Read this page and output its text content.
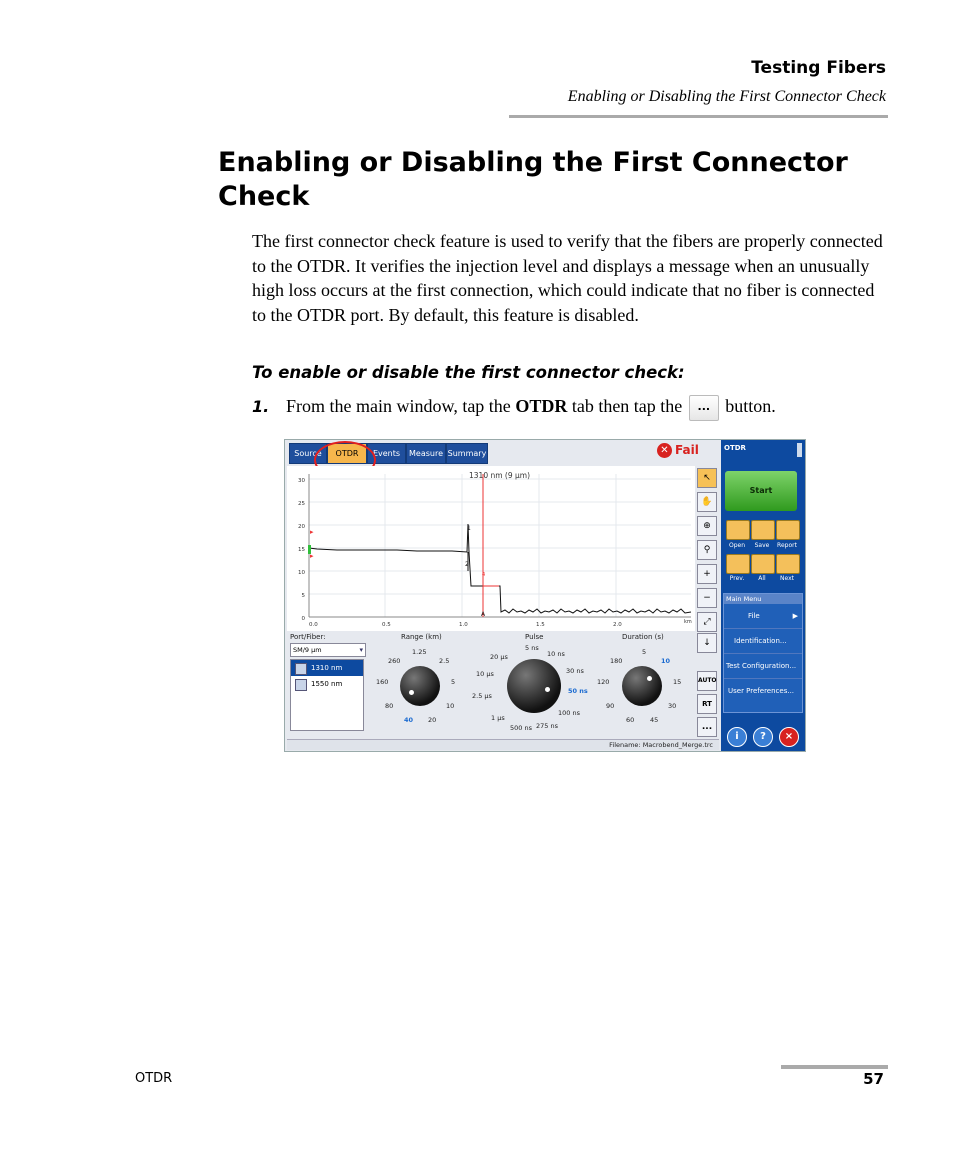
Testing Fibers
Enabling or Disabling the First Connector Check
Enabling or Disabling the First Connector Check

The first connector check feature is used to verify that the fibers are properly connected to the OTDR. It verifies the injection level and displays a message when an unusually high loss occurs at the first connection, which could indicate that no fiber is connected to the OTDR port. By default, this feature is disabled.

To enable or disable the first connector check:
1. From the main window, tap the OTDR tab then tap the ... button.
Source	OTDR	Events	Measure Summary	✕ Fail
30
25
20
15
10
5
0
0.0	0.5	1.0	1.5	2.0	km
1310 nm (9 µm)
▸
▸
2
1
4
A
↖
✋
⊕
⚲
+
−
⤢
↓
AUTO
RT
...
Port/Fiber:
SM/9 µm	▾
1310 nm
1550 nm
Range (km)
1.25
2.5
5
10
20
40
80
160
260
Pulse
5 ns
10 ns
30 ns
50 ns
100 ns
275 ns
500 ns
1 µs
2.5 µs
10 µs
20 µs
Duration (s)
5
10
15
30
45
60
90
120
180
Filename: Macrobend_Merge.trc
OTDR
Start
Open	Save	Report
Prev.	All	Next
Main Menu
File	▶
Identification...
Test Configuration...
User Preferences...
i	?	×
OTDR	57
